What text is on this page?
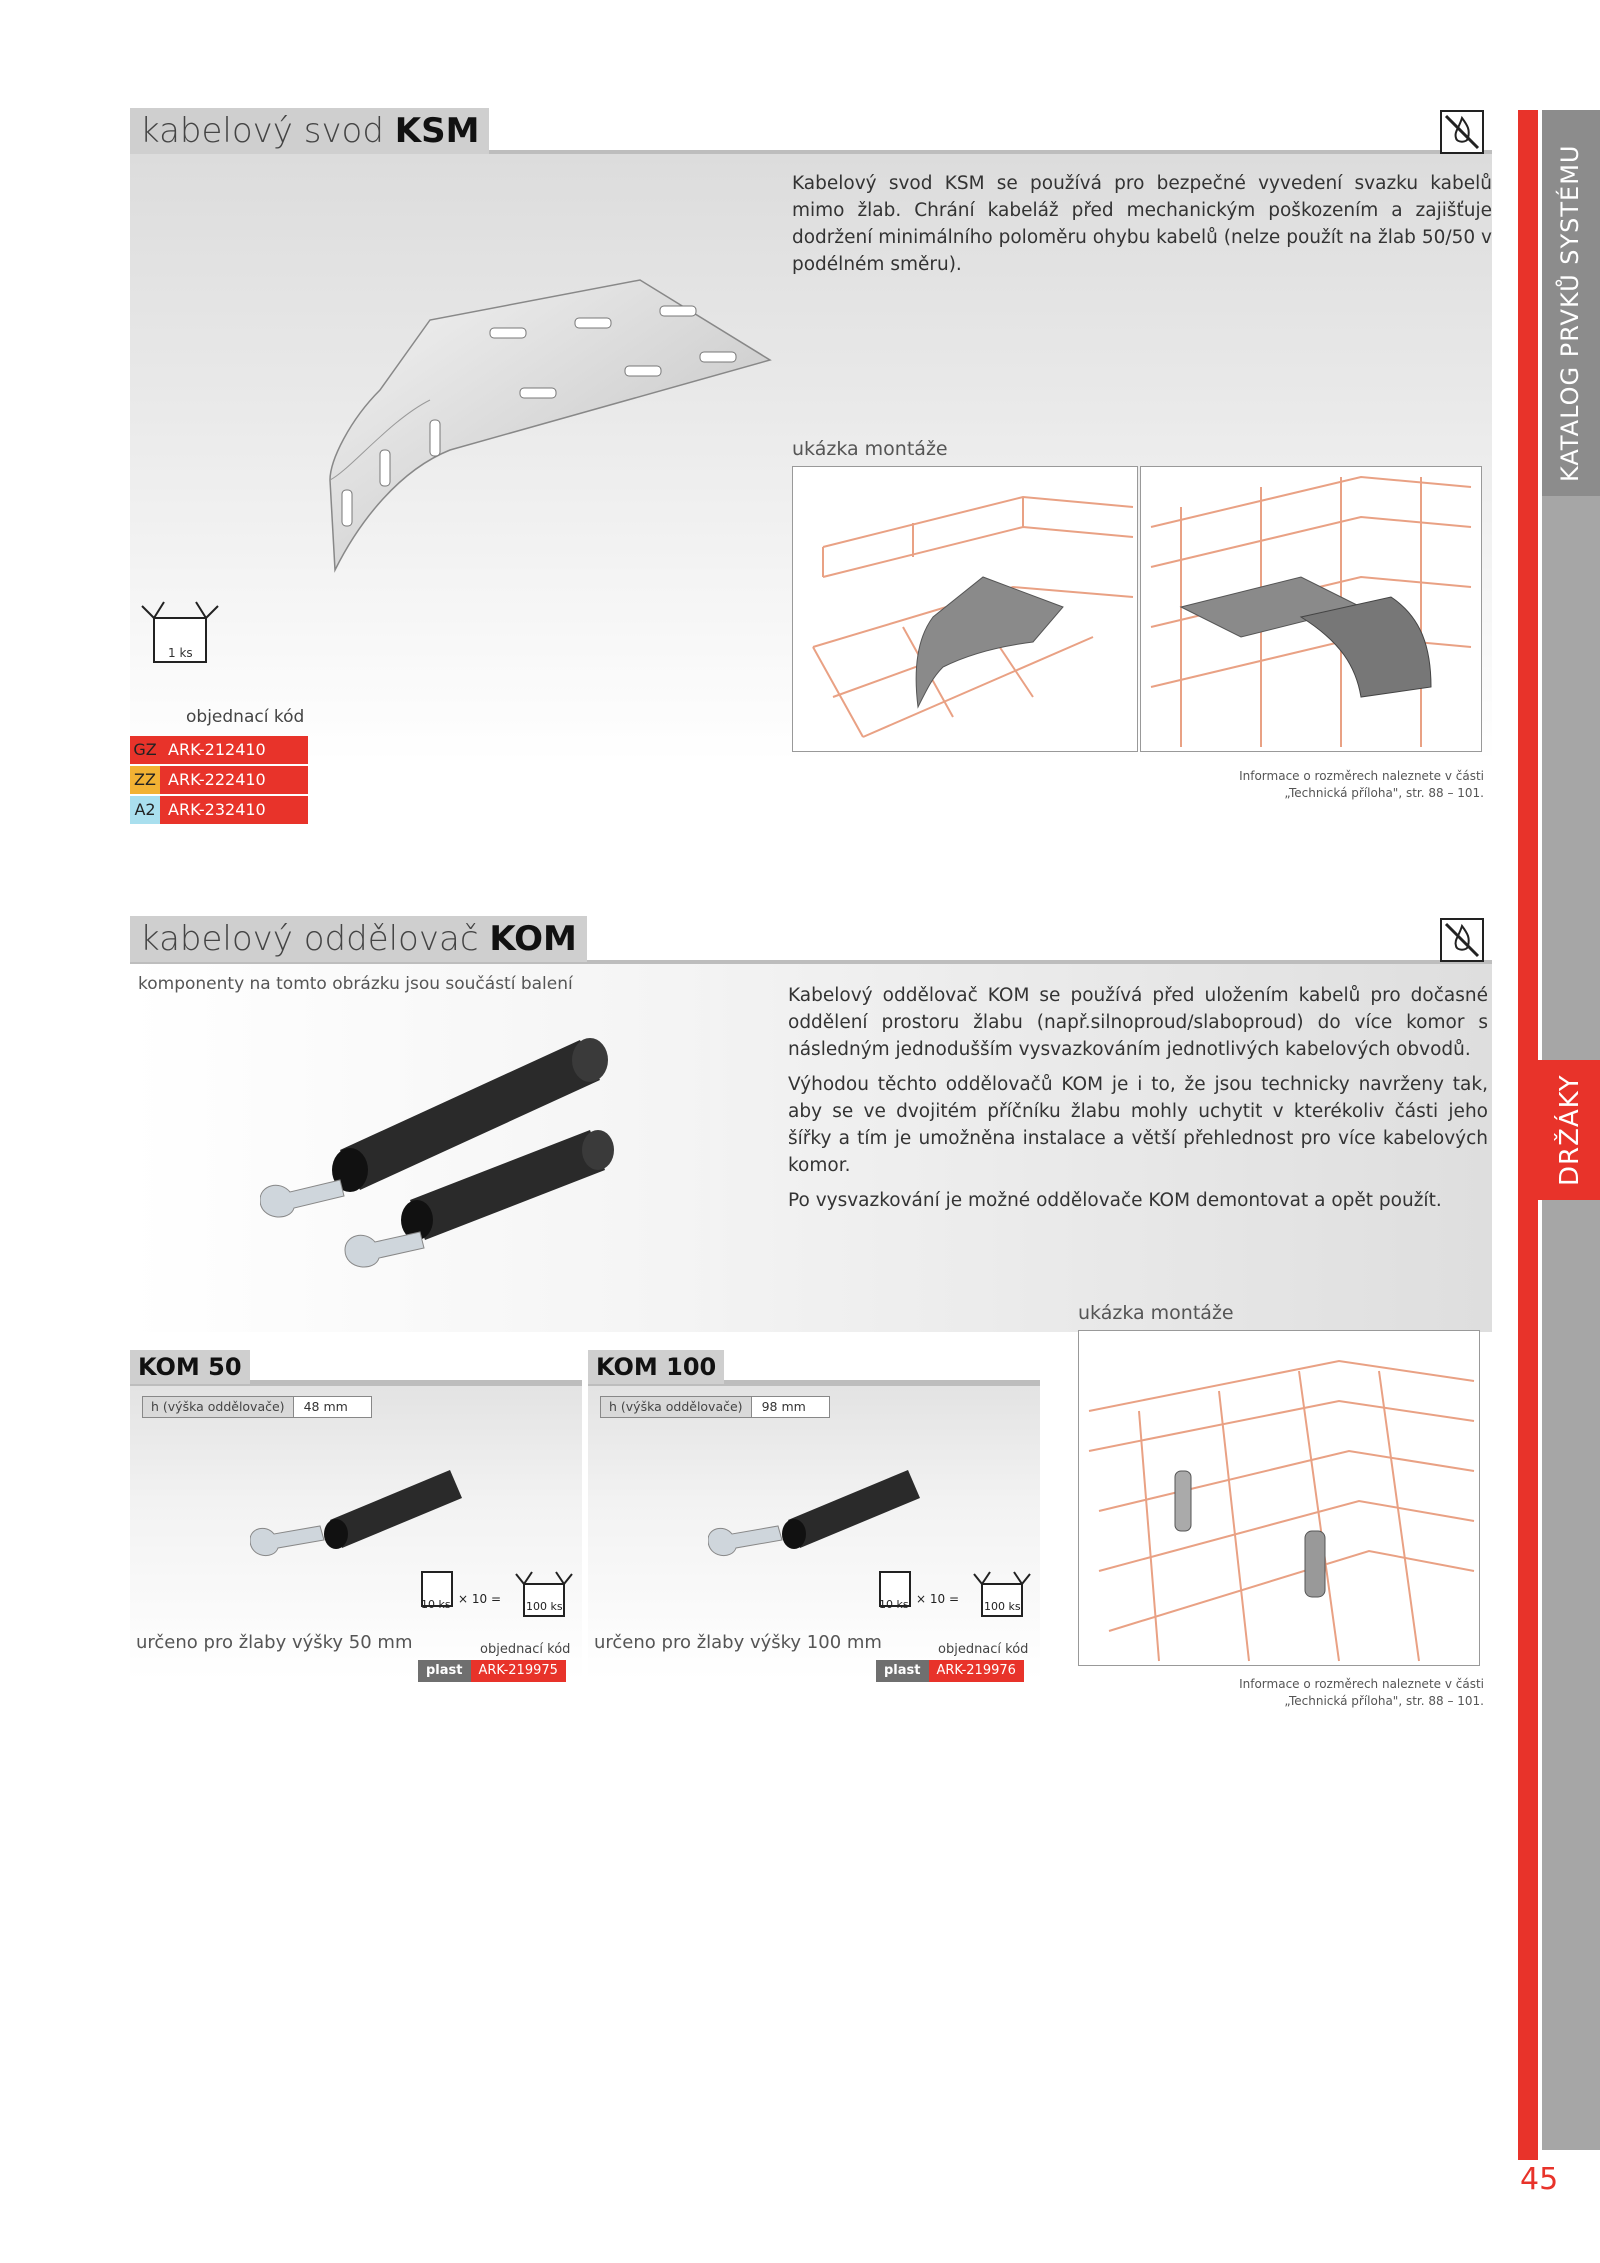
KATALOG PRVKŮ SYSTÉMU
DRŽÁKY
45
kabelový svod KSM
Kabelový svod KSM se používá pro bezpečné vyvedení svazku kabelů mimo žlab. Chrání kabeláž před mechanickým poškozením a zajišťuje dodržení minimálního poloměru ohybu kabelů (nelze použít na žlab 50/50 v podélném směru).
1 ks
objednací kód
GZ ARK-212410
ZZ ARK-222410
A2 ARK-232410
ukázka montáže
Informace o rozměrech naleznete v části
„Technická příloha", str. 88 – 101.
kabelový oddělovač KOM
komponenty na tomto obrázku jsou součástí balení

Kabelový oddělovač KOM se používá před uložením kabelů pro dočasné oddělení prostoru žlabu (např.silnoproud/slaboproud) do více komor s následným jednodušším vysvazkováním jednotlivých kabelových obvodů.

Výhodou těchto oddělovačů KOM je i to, že jsou technicky navrženy tak, aby se ve dvojitém příčníku žlabu mohly uchytit v kterékoliv části jeho šířky a tím je umožněna instalace a větší přehlednost pro více kabelových komor.

Po vysvazkování je možné oddělovače KOM demontovat a opět použít.

KOM 50
h (výška oddělovače)	48 mm
10 ks × 10 =
100 ks
určeno pro žlaby výšky 50 mm	objednací kód
plast	ARK-219975
KOM 100
h (výška oddělovače)	98 mm
10 ks × 10 =
100 ks
určeno pro žlaby výšky 100 mm	objednací kód
plast	ARK-219976
ukázka montáže
Informace o rozměrech naleznete v části
„Technická příloha", str. 88 – 101.
